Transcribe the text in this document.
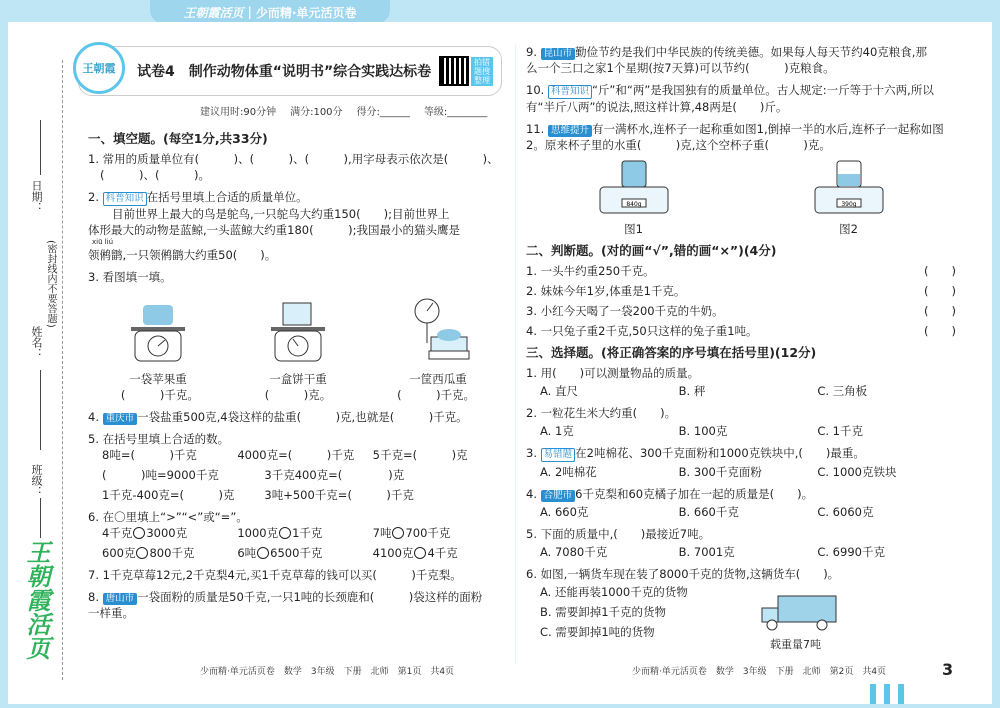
王朝霞活页 | 少而精·单元活页卷
日期：
(密封线内不要答题)
姓名：
班级：
王朝霞活页
王朝霞	试卷4　制作动物体重“说明书”综合实践达标卷
拍错题搜整理
建议用时:90分钟 满分:100分 得分:______ 等级:________
一、填空题。(每空1分,共33分)
1. 常用的质量单位有(　　　)、(　　　)、(　　　),用字母表示依次是(　　　)、
(　　　)、(　　　)。
2. 科普知识 在括号里填上合适的质量单位。
目前世界上最大的鸟是鸵鸟,一只鸵鸟大约重150(　　);目前世界上
体形最大的动物是蓝鲸,一头蓝鲸大约重180(　　　);我国最小的猫头鹰是
xiū liú
领鸺鹠,一只领鸺鹠大约重50(　　)。
3. 看图填一填。
一袋苹果重	一盒饼干重	一筐西瓜重
(　　　)千克。	(　　　)克。	(　　　)千克。
4. 重庆市 一袋盐重500克,4袋这样的盐重(　　　)克,也就是(　　　)千克。
5. 在括号里填上合适的数。
8吨=(　　　)千克	4000克=(　　　)千克	5千克=(　　　)克
(　　　)吨=9000千克	3千克400克=(　　　　)克
1千克-400克=(　　　)克	3吨+500千克=(　　　)千克
6. 在〇里填上“>”“<”或“=”。
4千克 3000克	1000克 1千克	7吨 700千克
600克 800千克	6吨 6500千克	4100克 4千克
7. 1千克草莓12元,2千克梨4元,买1千克草莓的钱可以买(　　　)千克梨。
8. 唐山市 一袋面粉的质量是50千克,一只1吨的长颈鹿和(　　　)袋这样的面粉
一样重。
少而精·单元活页卷　数学　3年级　下册　北师　第1页　共4页
9. 昆山市 勤俭节约是我们中华民族的传统美德。如果每人每天节约40克粮食,那
么一个三口之家1个星期(按7天算)可以节约(　　　)克粮食。
10. 科普知识 “斤”和“两”是我国独有的质量单位。古人规定:一斤等于十六两,所以
有“半斤八两”的说法,照这样计算,48两是(　　)斤。
11. 思维提升 有一满杯水,连杯子一起称重如图1,倒掉一半的水后,连杯子一起称如图
2。原来杯子里的水重(　　　)克,这个空杯子重(　　　)克。
840g	390g
图1	图2
二、判断题。(对的画“√”,错的画“×”)(4分)
1. 一头牛约重250千克。	(　　)
2. 妹妹今年1岁,体重是1千克。	(　　)
3. 小红今天喝了一袋200千克的牛奶。	(　　)
4. 一只兔子重2千克,50只这样的兔子重1吨。	(　　)
三、选择题。(将正确答案的序号填在括号里)(12分)
1. 用(　　)可以测量物品的质量。
A. 直尺	B. 秤	C. 三角板
2. 一粒花生米大约重(　　)。
A. 1克	B. 100克	C. 1千克
3. 易错题 在2吨棉花、300千克面粉和1000克铁块中,(　　)最重。
A. 2吨棉花	B. 300千克面粉	C. 1000克铁块
4. 合肥市 6千克梨和60克橘子加在一起的质量是(　　)。
A. 660克	B. 660千克	C. 6060克
5. 下面的质量中,(　　)最接近7吨。
A. 7080千克	B. 7001克	C. 6990千克
6. 如图,一辆货车现在装了8000千克的货物,这辆货车(　　)。
A. 还能再装1000千克的货物
B. 需要卸掉1千克的货物
C. 需要卸掉1吨的货物
载重量7吨
少而精·单元活页卷　数学　3年级　下册　北师　第2页　共4页	3
